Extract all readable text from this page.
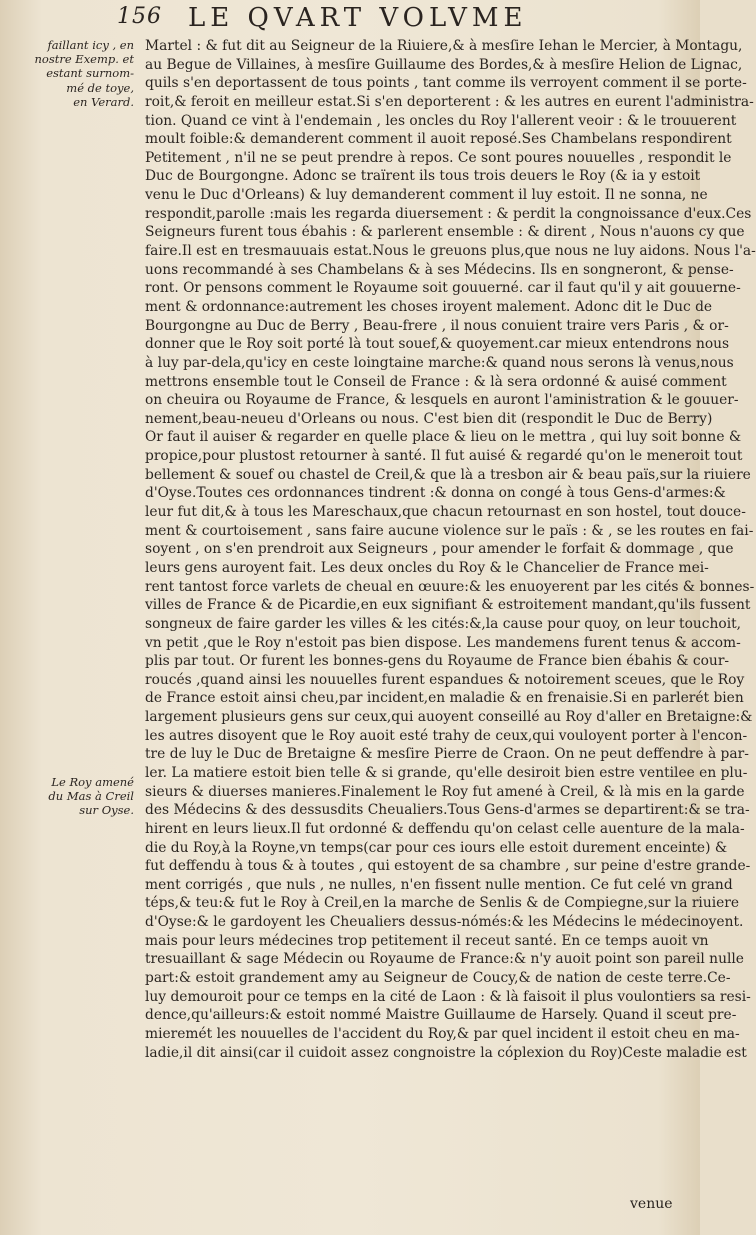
156 LE QVART VOLVME
faillant icy , en
nostre Exemp. et
estant surnom-
mé de toye,
en Verard.
Le Roy amené
du Mas à Creil
sur Oyse.
Martel : & fut dit au Seigneur de la Riuiere,& à mesſire Iehan le Mercier, à Montagu,
au Begue de Villaines, à mesſire Guillaume des Bordes,& à mesſire Helion de Lignac,
quils s'en deportassent de tous points , tant comme ils verroyent comment il se porte-
roit,& feroit en meilleur estat.Si s'en deporterent : & les autres en eurent l'administra-
tion. Quand ce vint à l'endemain , les oncles du Roy l'allerent veoir : & le trouuerent
moult foible:& demanderent comment il auoit reposé.Ses Chambelans respondirent
Petitement , n'il ne se peut prendre à repos. Ce sont poures nouuelles , respondit le
Duc de Bourgongne. Adonc se traïrent ils tous trois deuers le Roy (& ia y estoit
venu le Duc d'Orleans) & luy demanderent comment il luy estoit. Il ne sonna, ne
respondit,parolle :mais les regarda diuersement : & perdit la congnoissance d'eux.Ces
Seigneurs furent tous ébahis : & parlerent ensemble : & dirent , Nous n'auons cy que
faire.Il est en tresmauuais estat.Nous le greuons plus,que nous ne luy aidons. Nous l'a-
uons recommandé à ses Chambelans & à ses Médecins. Ils en songneront, & pense-
ront. Or pensons comment le Royaume soit gouuerné. car il faut qu'il y ait gouuerne-
ment & ordonnance:autrement les choses iroyent malement. Adonc dit le Duc de
Bourgongne au Duc de Berry , Beau-frere , il nous conuient traire vers Paris , & or-
donner que le Roy soit porté là tout souef,& quoyement.car mieux entendrons nous
à luy par-dela,qu'icy en ceste loingtaine marche:& quand nous serons là venus,nous
mettrons ensemble tout le Conseil de France : & là sera ordonné & auisé comment
on cheuira ou Royaume de France, & lesquels en auront l'aministration & le gouuer-
nement,beau-neueu d'Orleans ou nous. C'est bien dit (respondit le Duc de Berry)
Or faut il auiser & regarder en quelle place & lieu on le mettra , qui luy soit bonne &
propice,pour plustost retourner à santé. Il fut auisé & regardé qu'on le meneroit tout
bellement & souef ou chastel de Creil,& que là a tresbon air & beau païs,sur la riuiere
d'Oyse.Toutes ces ordonnances tindrent :& donna on congé à tous Gens-d'armes:&
leur fut dit,& à tous les Mareschaux,que chacun retournast en son hostel, tout douce-
ment & courtoisement , sans faire aucune violence sur le païs : & , se les routes en fai-
soyent , on s'en prendroit aux Seigneurs , pour amender le forfait & dommage , que
leurs gens auroyent fait. Les deux oncles du Roy & le Chancelier de France mei-
rent tantost force varlets de cheual en œuure:& les enuoyerent par les cités & bonnes-
villes de France & de Picardie,en eux signifiant & estroitement mandant,qu'ils fussent
songneux de faire garder les villes & les cités:&,la cause pour quoy, on leur touchoit,
vn petit ,que le Roy n'estoit pas bien dispose. Les mandemens furent tenus & accom-
plis par tout. Or furent les bonnes-gens du Royaume de France bien ébahis & cour-
roucés ,quand ainsi les nouuelles furent espandues & notoirement sceues, que le Roy
de France estoit ainsi cheu,par incident,en maladie & en frenaisie.Si en parlerét bien
largement plusieurs gens sur ceux,qui auoyent conseillé au Roy d'aller en Bretaigne:&
les autres disoyent que le Roy auoit esté trahy de ceux,qui vouloyent porter à l'encon-
tre de luy le Duc de Bretaigne & mesſire Pierre de Craon. On ne peut deffendre à par-
ler. La matiere estoit bien telle & si grande, qu'elle desiroit bien estre ventilee en plu-
sieurs & diuerses manieres.Finalement le Roy fut amené à Creil, & là mis en la garde
des Médecins & des dessusdits Cheualiers.Tous Gens-d'armes se departirent:& se tra-
hirent en leurs lieux.Il fut ordonné & deffendu qu'on celast celle auenture de la mala-
die du Roy,à la Royne,vn temps(car pour ces iours elle estoit durement enceinte) &
fut deffendu à tous & à toutes , qui estoyent de sa chambre , sur peine d'estre grande-
ment corrigés , que nuls , ne nulles, n'en fissent nulle mention. Ce fut celé vn grand
téps,& teu:& fut le Roy à Creil,en la marche de Senlis & de Compiegne,sur la riuiere
d'Oyse:& le gardoyent les Cheualiers dessus-nómés:& les Médecins le médecinoyent.
mais pour leurs médecines trop petitement il receut santé. En ce temps auoit vn
tresuaillant & sage Médecin ou Royaume de France:& n'y auoit point son pareil nulle
part:& estoit grandement amy au Seigneur de Coucy,& de nation de ceste terre.Ce-
luy demouroit pour ce temps en la cité de Laon : & là faisoit il plus voulontiers sa resi-
dence,qu'ailleurs:& estoit nommé Maistre Guillaume de Harsely. Quand il sceut pre-
mieremét les nouuelles de l'accident du Roy,& par quel incident il estoit cheu en ma-
ladie,il dit ainsi(car il cuidoit assez congnoistre la cóplexion du Roy)Ceste maladie est
venue
